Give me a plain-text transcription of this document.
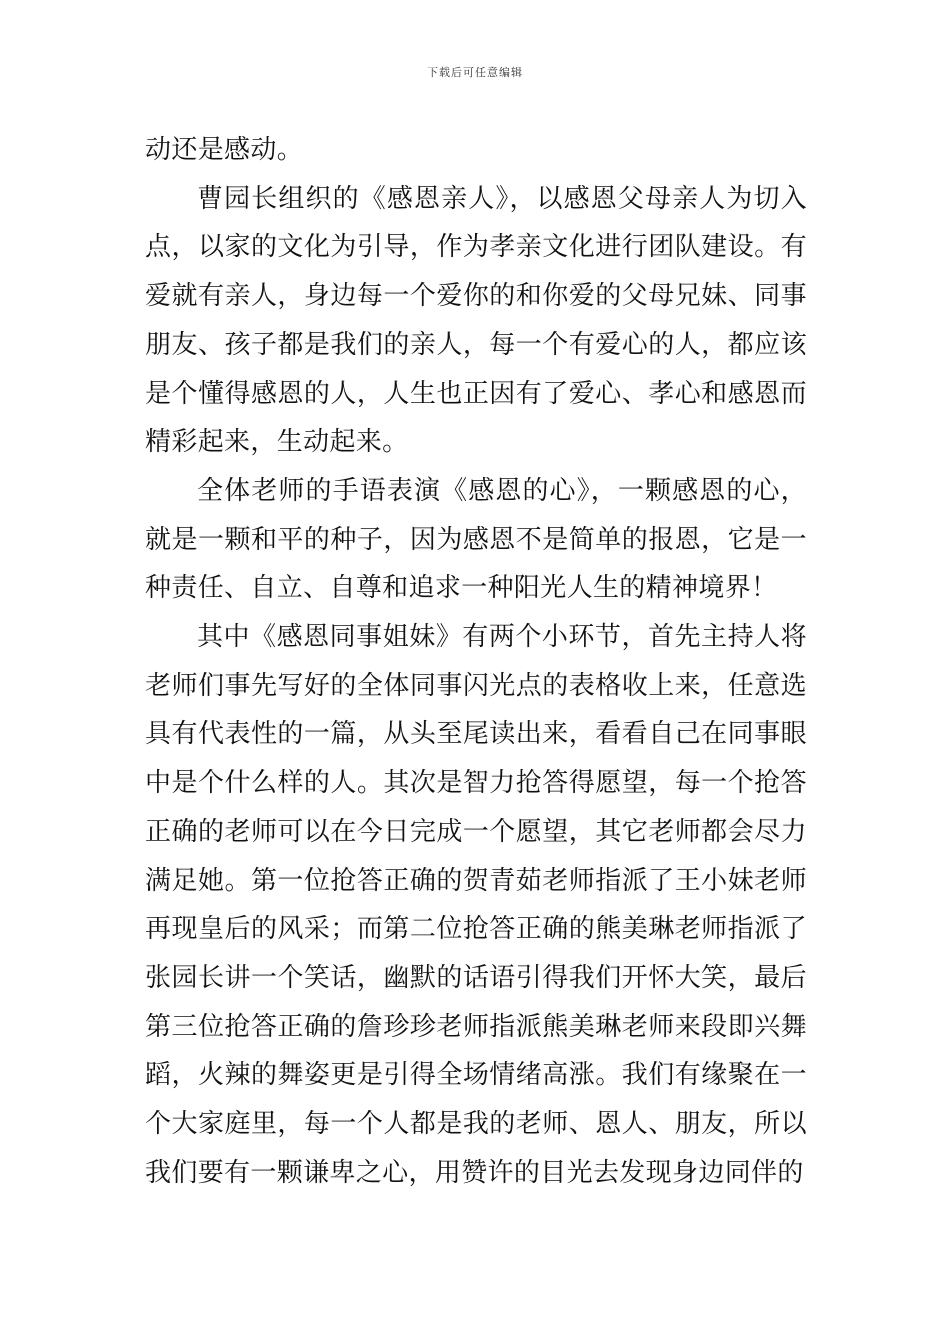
下载后可任意编辑

动还是感动。

曹园长组织的《感恩亲人》，以感恩父母亲人为切入点，以家的文化为引导，作为孝亲文化进行团队建设。有爱就有亲人，身边每一个爱你的和你爱的父母兄妹、同事朋友、孩子都是我们的亲人，每一个有爱心的人，都应该是个懂得感恩的人，人生也正因有了爱心、孝心和感恩而精彩起来，生动起来。

全体老师的手语表演《感恩的心》，一颗感恩的心，就是一颗和平的种子，因为感恩不是简单的报恩，它是一种责任、自立、自尊和追求一种阳光人生的精神境界！

其中《感恩同事姐妹》有两个小环节，首先主持人将老师们事先写好的全体同事闪光点的表格收上来，任意选具有代表性的一篇，从头至尾读出来，看看自己在同事眼中是个什么样的人。其次是智力抢答得愿望，每一个抢答正确的老师可以在今日完成一个愿望，其它老师都会尽力满足她。第一位抢答正确的贺青茹老师指派了王小妹老师再现皇后的风采；而第二位抢答正确的熊美琳老师指派了张园长讲一个笑话，幽默的话语引得我们开怀大笑，最后第三位抢答正确的詹珍珍老师指派熊美琳老师来段即兴舞蹈，火辣的舞姿更是引得全场情绪高涨。我们有缘聚在一个大家庭里，每一个人都是我的老师、恩人、朋友，所以我们要有一颗谦卑之心，用赞许的目光去发现身边同伴的
